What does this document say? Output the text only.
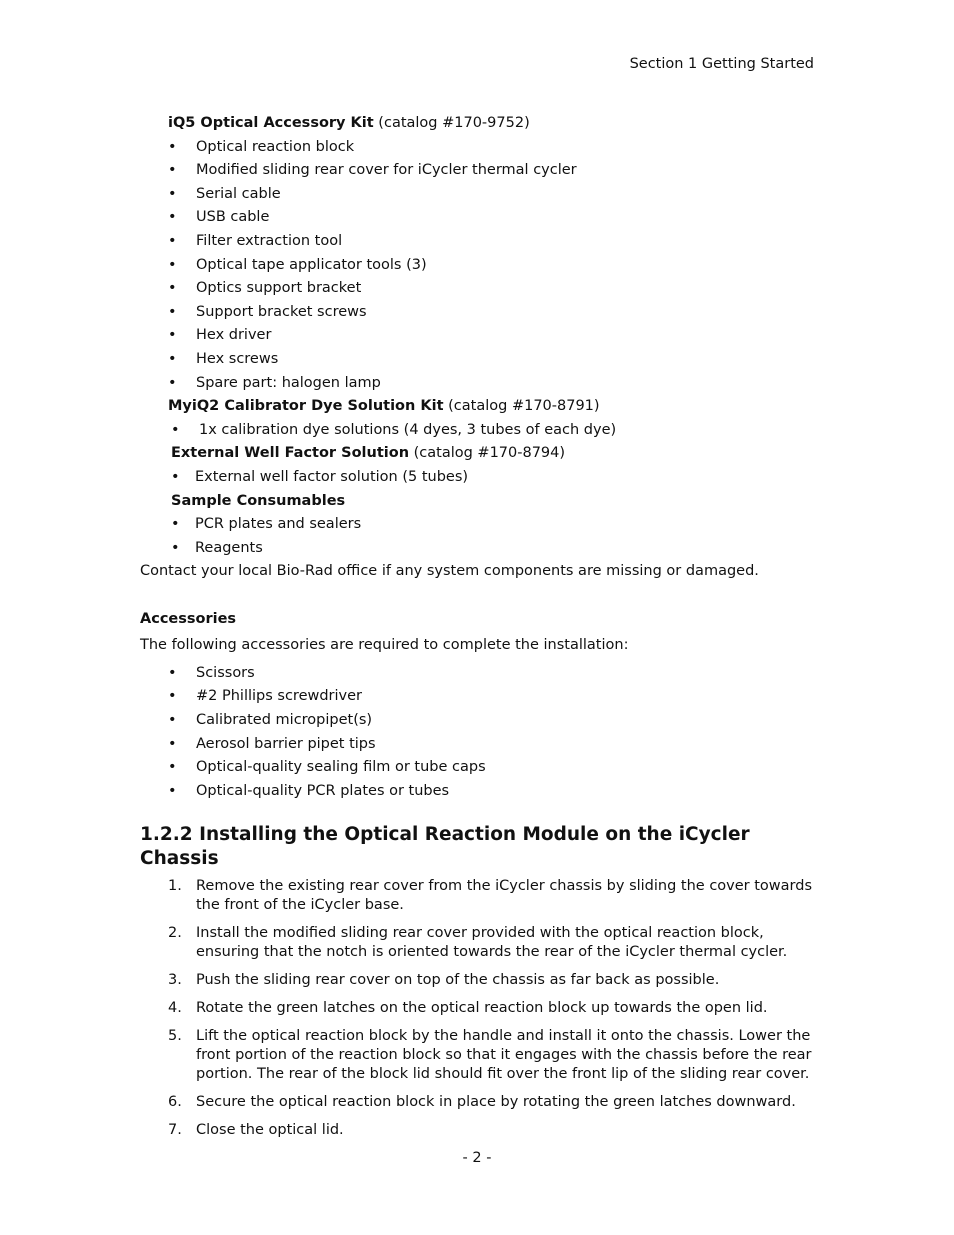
Section 1 Getting Started
iQ5 Optical Accessory Kit (catalog #170-9752)
• Optical reaction block
• Modified sliding rear cover for iCycler thermal cycler
• Serial cable
• USB cable
• Filter extraction tool
• Optical tape applicator tools (3)
• Optics support bracket
• Support bracket screws
• Hex driver
• Hex screws
• Spare part: halogen lamp
MyiQ2 Calibrator Dye Solution Kit (catalog #170-8791)
• 1x calibration dye solutions (4 dyes, 3 tubes of each dye)
External Well Factor Solution (catalog #170-8794)
• External well factor solution (5 tubes)
Sample Consumables
• PCR plates and sealers
• Reagents
Contact your local Bio-Rad office if any system components are missing or damaged.
Accessories
The following accessories are required to complete the installation:
• Scissors
• #2 Phillips screwdriver
• Calibrated micropipet(s)
• Aerosol barrier pipet tips
• Optical-quality sealing film or tube caps
• Optical-quality PCR plates or tubes
1.2.2 Installing the Optical Reaction Module on the iCycler Chassis
1. Remove the existing rear cover from the iCycler chassis by sliding the cover towards the front of the iCycler base.
2. Install the modified sliding rear cover provided with the optical reaction block, ensuring that the notch is oriented towards the rear of the iCycler thermal cycler.
3. Push the sliding rear cover on top of the chassis as far back as possible.
4. Rotate the green latches on the optical reaction block up towards the open lid.
5. Lift the optical reaction block by the handle and install it onto the chassis. Lower the front portion of the reaction block so that it engages with the chassis before the rear portion. The rear of the block lid should fit over the front lip of the sliding rear cover.
6. Secure the optical reaction block in place by rotating the green latches downward.
7. Close the optical lid.
- 2 -
